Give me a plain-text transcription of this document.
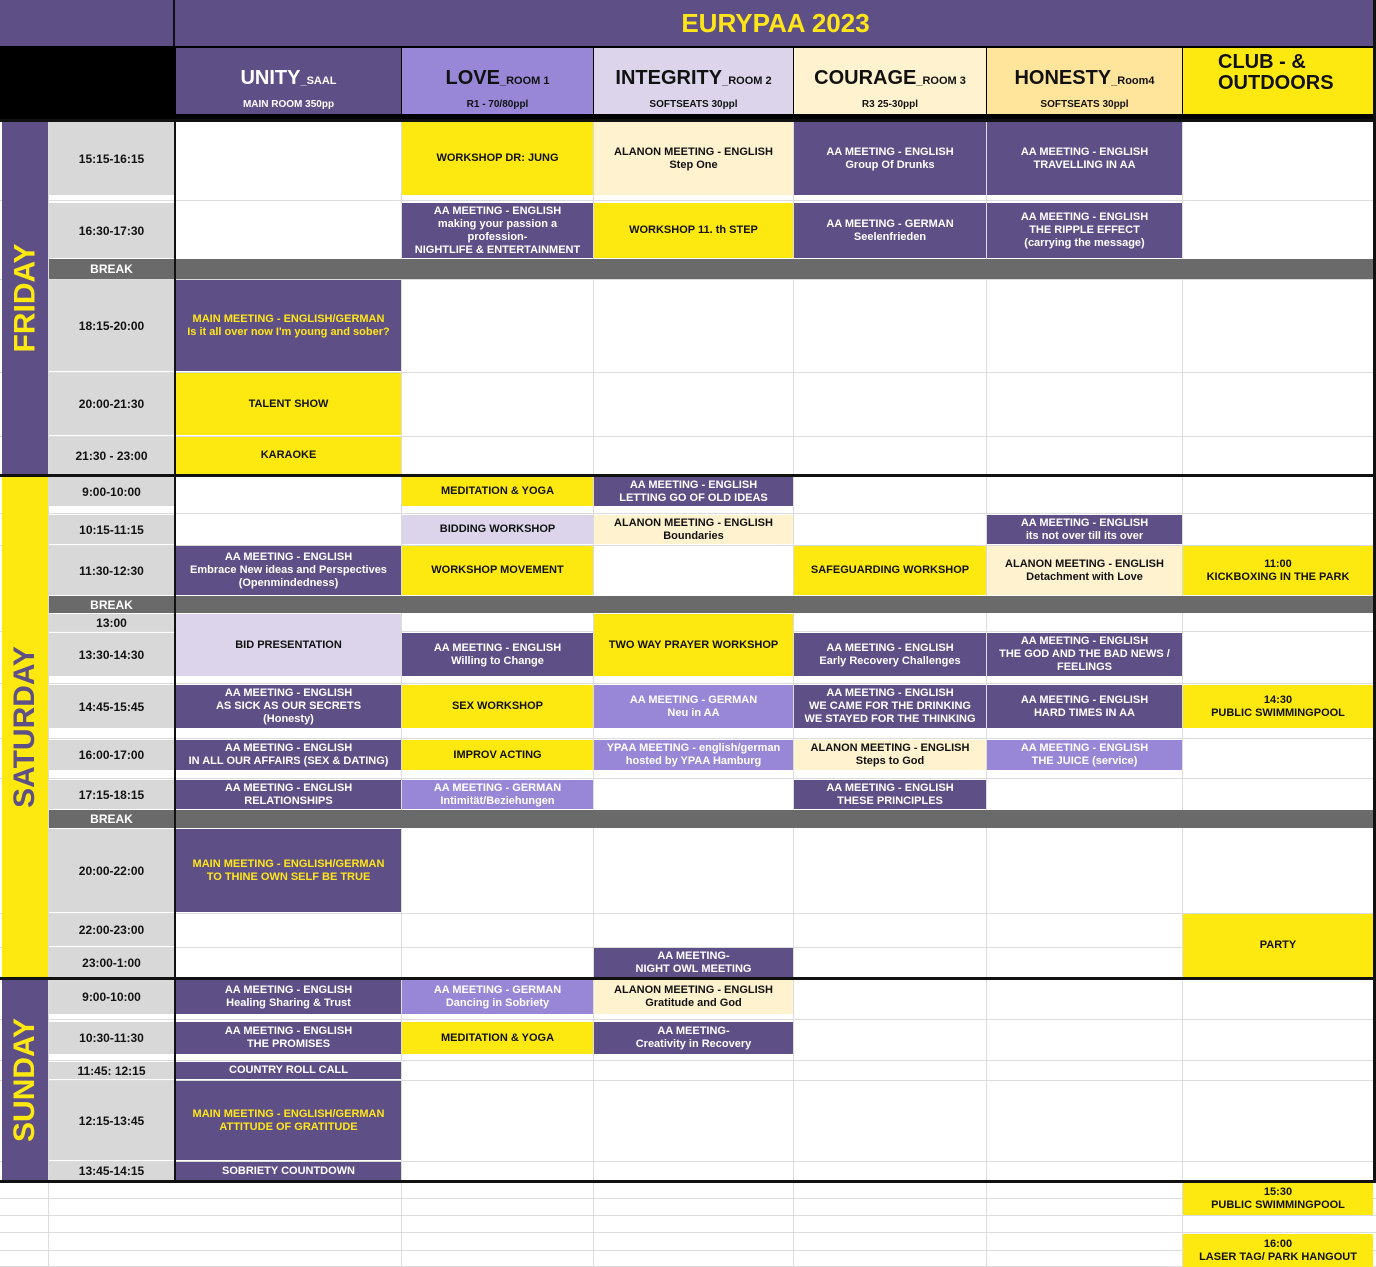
EURYPAA 2023
UNITY_SAAL
MAIN ROOM 350pp
LOVE_ROOM 1
R1 - 70/80ppl
INTEGRITY_ROOM 2
SOFTSEATS 30ppl
COURAGE_ROOM 3
R3 25-30ppl
HONESTY_Room4
SOFTSEATS 30ppl
CLUB - & OUTDOORS
FRIDAY
SATURDAY
SUNDAY
15:15-16:15
16:30-17:30
18:15-20:00
20:00-21:30
21:30 - 23:00
9:00-10:00
10:15-11:15
11:30-12:30
13:00
13:30-14:30
14:45-15:45
16:00-17:00
17:15-18:15
20:00-22:00
22:00-23:00
23:00-1:00
9:00-10:00
10:30-11:30
11:45: 12:15
12:15-13:45
13:45-14:15
BREAK
BREAK
BREAK
WORKSHOP DR: JUNG
ALANON MEETING - ENGLISH
Step One
AA MEETING - ENGLISH
Group Of Drunks
AA MEETING - ENGLISH
TRAVELLING IN AA
AA MEETING - ENGLISH
making your passion a
profession-
NIGHTLIFE & ENTERTAINMENT
WORKSHOP 11. th STEP
AA MEETING - GERMAN
Seelenfrieden
AA MEETING - ENGLISH
THE RIPPLE EFFECT
(carrying the message)
MAIN MEETING - ENGLISH/GERMAN
Is it all over now I'm young and sober?
TALENT SHOW
KARAOKE
MEDITATION & YOGA
AA MEETING - ENGLISH
LETTING GO OF OLD IDEAS
BIDDING WORKSHOP
ALANON MEETING - ENGLISH
Boundaries
AA MEETING - ENGLISH
its not over till its over
AA MEETING - ENGLISH
Embrace New ideas and Perspectives
(Openmindedness)
WORKSHOP MOVEMENT	SAFEGUARDING WORKSHOP
ALANON MEETING - ENGLISH
Detachment with Love
11:00
KICKBOXING IN THE PARK
BID PRESENTATION	TWO WAY PRAYER WORKSHOP
AA MEETING - ENGLISH
Willing to Change
AA MEETING - ENGLISH
Early Recovery Challenges
AA MEETING - ENGLISH
THE GOD AND THE BAD NEWS /
FEELINGS
AA MEETING - ENGLISH
AS SICK AS OUR SECRETS
(Honesty)
SEX WORKSHOP
AA MEETING - GERMAN
Neu in AA
AA MEETING - ENGLISH
WE CAME FOR THE DRINKING
WE STAYED FOR THE THINKING
AA MEETING - ENGLISH
HARD TIMES IN AA
14:30
PUBLIC SWIMMINGPOOL
AA MEETING - ENGLISH
IN ALL OUR AFFAIRS (SEX & DATING)
IMPROV ACTING
YPAA MEETING - english/german
hosted by YPAA Hamburg
ALANON MEETING - ENGLISH
Steps to God
AA MEETING - ENGLISH
THE JUICE (service)
AA MEETING - ENGLISH
RELATIONSHIPS
AA MEETING - GERMAN
Intimität/Beziehungen
AA MEETING - ENGLISH
THESE PRINCIPLES
MAIN MEETING - ENGLISH/GERMAN
TO THINE OWN SELF BE TRUE
PARTY
AA MEETING-
NIGHT OWL MEETING
AA MEETING - ENGLISH
Healing Sharing & Trust
AA MEETING - GERMAN
Dancing in Sobriety
ALANON MEETING - ENGLISH
Gratitude and God
AA MEETING - ENGLISH
THE PROMISES
MEDITATION & YOGA
AA MEETING-
Creativity in Recovery
COUNTRY ROLL CALL
MAIN MEETING - ENGLISH/GERMAN
ATTITUDE OF GRATITUDE
SOBRIETY COUNTDOWN
15:30
PUBLIC SWIMMINGPOOL
16:00
LASER TAG/ PARK HANGOUT
